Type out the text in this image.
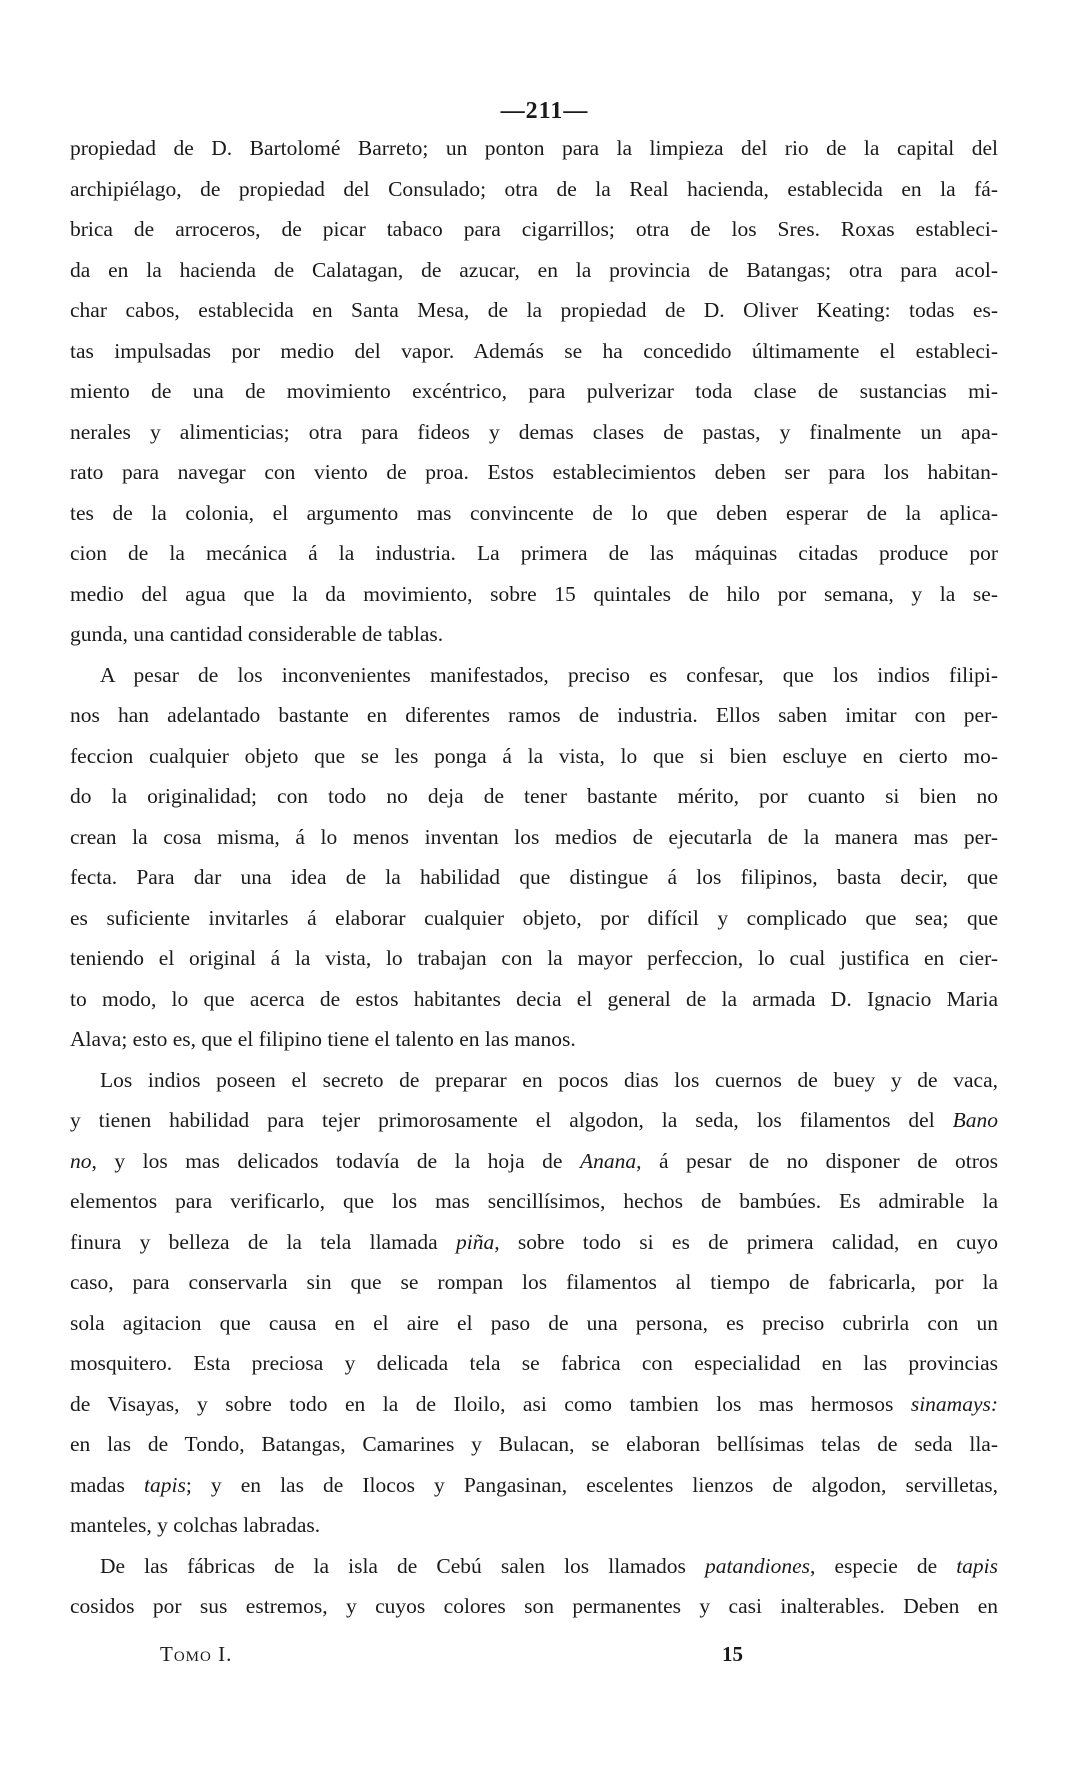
—211—
propiedad de D. Bartolomé Barreto; un ponton para la limpieza del rio de la capital del
archipiélago, de propiedad del Consulado; otra de la Real hacienda, establecida en la fá-
brica de arroceros, de picar tabaco para cigarrillos; otra de los Sres. Roxas estableci-
da en la hacienda de Calatagan, de azucar, en la provincia de Batangas; otra para acol-
char cabos, establecida en Santa Mesa, de la propiedad de D. Oliver Keating: todas es-
tas impulsadas por medio del vapor. Además se ha concedido últimamente el estableci-
miento de una de movimiento excéntrico, para pulverizar toda clase de sustancias mi-
nerales y alimenticias; otra para fideos y demas clases de pastas, y finalmente un apa-
rato para navegar con viento de proa. Estos establecimientos deben ser para los habitan-
tes de la colonia, el argumento mas convincente de lo que deben esperar de la aplica-
cion de la mecánica á la industria. La primera de las máquinas citadas produce por
medio del agua que la da movimiento, sobre 15 quintales de hilo por semana, y la se-
gunda, una cantidad considerable de tablas.
A pesar de los inconvenientes manifestados, preciso es confesar, que los indios filipi-
nos han adelantado bastante en diferentes ramos de industria. Ellos saben imitar con per-
feccion cualquier objeto que se les ponga á la vista, lo que si bien escluye en cierto mo-
do la originalidad; con todo no deja de tener bastante mérito, por cuanto si bien no
crean la cosa misma, á lo menos inventan los medios de ejecutarla de la manera mas per-
fecta. Para dar una idea de la habilidad que distingue á los filipinos, basta decir, que
es suficiente invitarles á elaborar cualquier objeto, por difícil y complicado que sea; que
teniendo el original á la vista, lo trabajan con la mayor perfeccion, lo cual justifica en cier-
to modo, lo que acerca de estos habitantes decia el general de la armada D. Ignacio Maria
Alava; esto es, que el filipino tiene el talento en las manos.
Los indios poseen el secreto de preparar en pocos dias los cuernos de buey y de vaca,
y tienen habilidad para tejer primorosamente el algodon, la seda, los filamentos del Bano
no, y los mas delicados todavía de la hoja de Anana, á pesar de no disponer de otros
elementos para verificarlo, que los mas sencillísimos, hechos de bambúes. Es admirable la
finura y belleza de la tela llamada piña, sobre todo si es de primera calidad, en cuyo
caso, para conservarla sin que se rompan los filamentos al tiempo de fabricarla, por la
sola agitacion que causa en el aire el paso de una persona, es preciso cubrirla con un
mosquitero. Esta preciosa y delicada tela se fabrica con especialidad en las provincias
de Visayas, y sobre todo en la de Iloilo, asi como tambien los mas hermosos sinamays:
en las de Tondo, Batangas, Camarines y Bulacan, se elaboran bellísimas telas de seda lla-
madas tapis; y en las de Ilocos y Pangasinan, escelentes lienzos de algodon, servilletas,
manteles, y colchas labradas.
De las fábricas de la isla de Cebú salen los llamados patandiones, especie de tapis
cosidos por sus estremos, y cuyos colores son permanentes y casi inalterables. Deben en
Tomo I.	15
